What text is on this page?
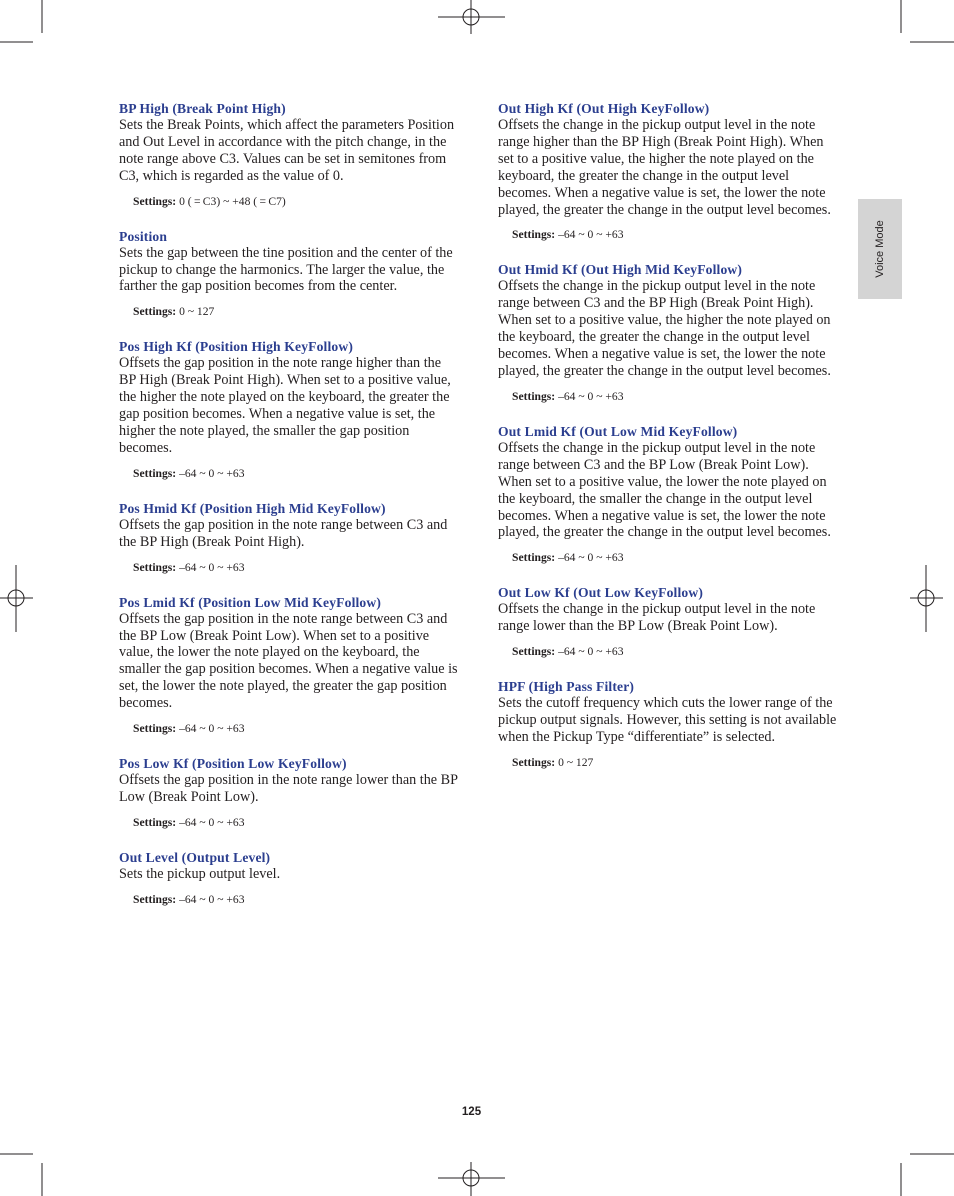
Voice Mode

BP High (Break Point High)

Sets the Break Points, which affect the parameters Position and Out Level in accordance with the pitch change, in the note range above C3. Values can be set in semitones from C3, which is regarded as the value of 0.

Settings: 0 ( = C3) ~ +48 ( = C7)

Position

Sets the gap between the tine position and the center of the pickup to change the harmonics. The larger the value, the farther the gap position becomes from the center.

Settings: 0 ~ 127

Pos High Kf (Position High KeyFollow)

Offsets the gap position in the note range higher than the BP High (Break Point High). When set to a positive value, the higher the note played on the keyboard, the greater the gap position becomes. When a negative value is set, the higher the note played, the smaller the gap position becomes.

Settings: –64 ~ 0 ~ +63

Pos Hmid Kf (Position High Mid KeyFollow)

Offsets the gap position in the note range between C3 and the BP High (Break Point High).

Settings: –64 ~ 0 ~ +63

Pos Lmid Kf (Position Low Mid KeyFollow)

Offsets the gap position in the note range between C3 and the BP Low (Break Point Low). When set to a positive value, the lower the note played on the keyboard, the smaller the gap position becomes. When a negative value is set, the lower the note played, the greater the gap position becomes.

Settings: –64 ~ 0 ~ +63

Pos Low Kf (Position Low KeyFollow)

Offsets the gap position in the note range lower than the BP Low (Break Point Low).

Settings: –64 ~ 0 ~ +63

Out Level (Output Level)

Sets the pickup output level.

Settings: –64 ~ 0 ~ +63

Out High Kf (Out High KeyFollow)

Offsets the change in the pickup output level in the note range higher than the BP High (Break Point High). When set to a positive value, the higher the note played on the keyboard, the greater the change in the output level becomes. When a negative value is set, the lower the note played, the greater the change in the output level becomes.

Settings: –64 ~ 0 ~ +63

Out Hmid Kf (Out High Mid KeyFollow)

Offsets the change in the pickup output level in the note range between C3 and the BP High (Break Point High). When set to a positive value, the higher the note played on the keyboard, the greater the change in the output level becomes. When a negative value is set, the lower the note played, the greater the change in the output level becomes.

Settings: –64 ~ 0 ~ +63

Out Lmid Kf (Out Low Mid KeyFollow)

Offsets the change in the pickup output level in the note range between C3 and the BP Low (Break Point Low). When set to a positive value, the lower the note played on the keyboard, the smaller the change in the output level becomes. When a negative value is set, the lower the note played, the greater the change in the output level becomes.

Settings: –64 ~ 0 ~ +63

Out Low Kf (Out Low KeyFollow)

Offsets the change in the pickup output level in the note range lower than the BP Low (Break Point Low).

Settings: –64 ~ 0 ~ +63

HPF (High Pass Filter)

Sets the cutoff frequency which cuts the lower range of the pickup output signals. However, this setting is not available when the Pickup Type “differentiate” is selected.

Settings: 0 ~ 127

125
